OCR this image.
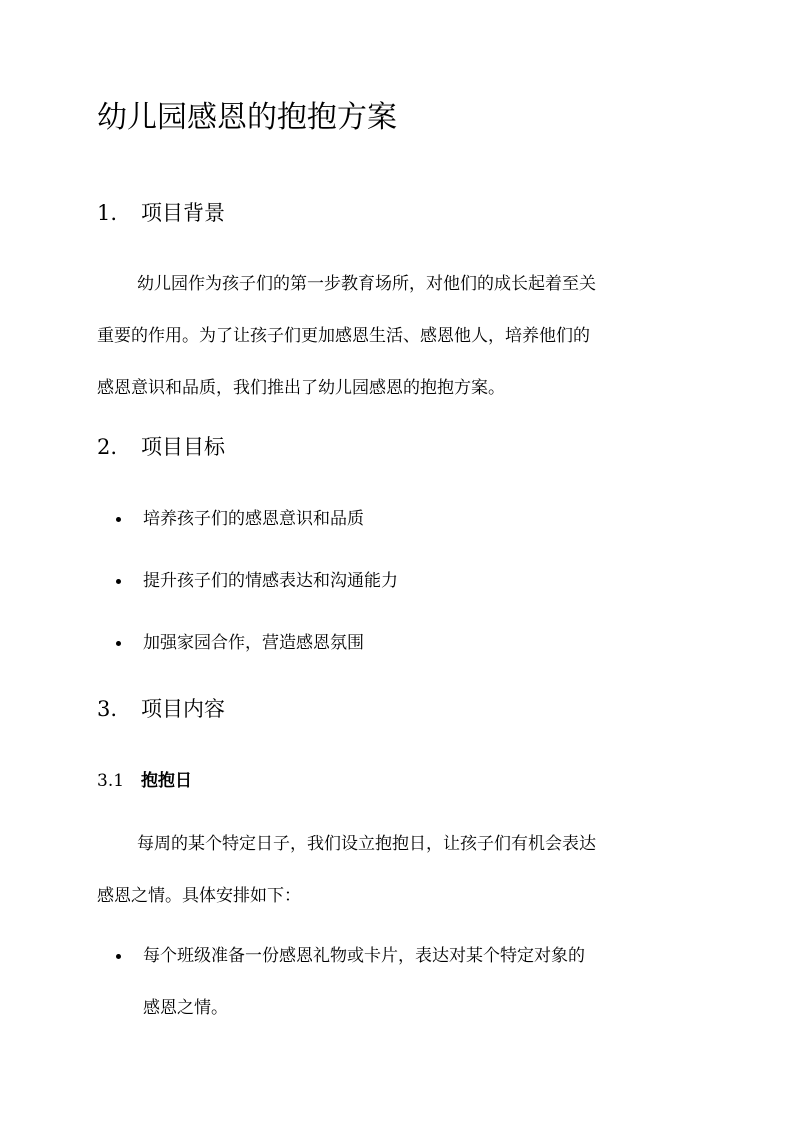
幼儿园感恩的抱抱方案
1. 项目背景
幼儿园作为孩子们的第一步教育场所，对他们的成长起着至关
重要的作用。为了让孩子们更加感恩生活、感恩他人，培养他们的
感恩意识和品质，我们推出了幼儿园感恩的抱抱方案。
2. 项目目标
培养孩子们的感恩意识和品质
提升孩子们的情感表达和沟通能力
加强家园合作，营造感恩氛围
3. 项目内容
3.1 抱抱日
每周的某个特定日子，我们设立抱抱日，让孩子们有机会表达
感恩之情。具体安排如下：
每个班级准备一份感恩礼物或卡片，表达对某个特定对象的
感恩之情。
